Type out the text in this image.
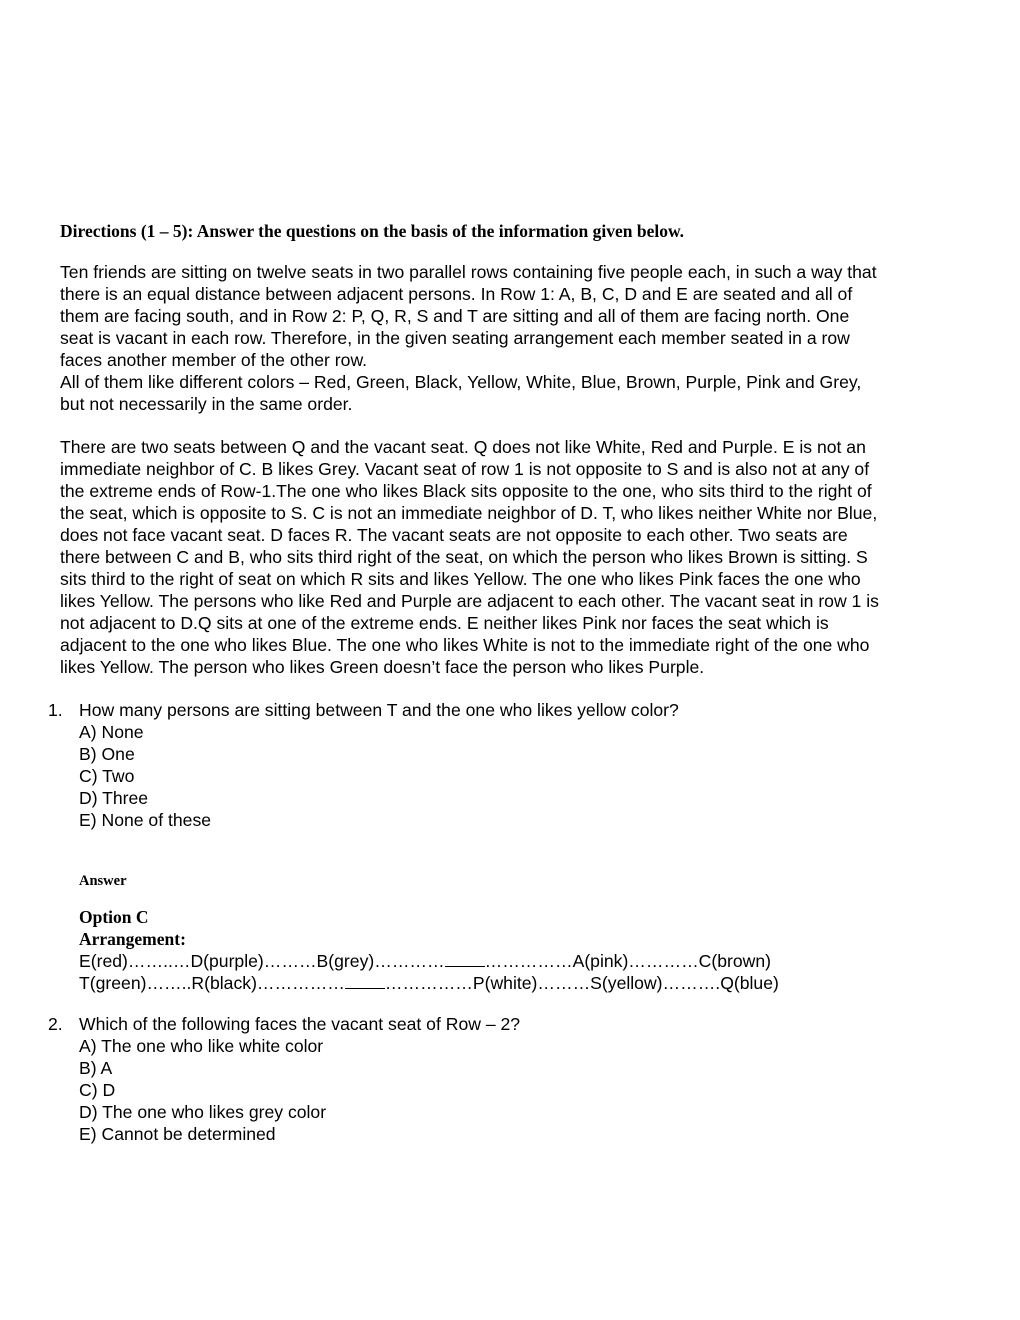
Directions (1 – 5): Answer the questions on the basis of the information given below.
Ten friends are sitting on twelve seats in two parallel rows containing five people each, in such a way that
there is an equal distance between adjacent persons. In Row 1: A, B, C, D and E are seated and all of
them are facing south, and in Row 2: P, Q, R, S and T are sitting and all of them are facing north. One
seat is vacant in each row. Therefore, in the given seating arrangement each member seated in a row
faces another member of the other row.
All of them like different colors – Red, Green, Black, Yellow, White, Blue, Brown, Purple, Pink and Grey,
but not necessarily in the same order.
There are two seats between Q and the vacant seat. Q does not like White, Red and Purple. E is not an
immediate neighbor of C. B likes Grey. Vacant seat of row 1 is not opposite to S and is also not at any of
the extreme ends of Row-1.The one who likes Black sits opposite to the one, who sits third to the right of
the seat, which is opposite to S. C is not an immediate neighbor of D. T, who likes neither White nor Blue,
does not face vacant seat. D faces R. The vacant seats are not opposite to each other. Two seats are
there between C and B, who sits third right of the seat, on which the person who likes Brown is sitting. S
sits third to the right of seat on which R sits and likes Yellow. The one who likes Pink faces the one who
likes Yellow. The persons who like Red and Purple are adjacent to each other. The vacant seat in row 1 is
not adjacent to D.Q sits at one of the extreme ends. E neither likes Pink nor faces the seat which is
adjacent to the one who likes Blue. The one who likes White is not to the immediate right of the one who
likes Yellow. The person who likes Green doesn’t face the person who likes Purple.
1. How many persons are sitting between T and the one who likes yellow color?
A) None
B) One
C) Two
D) Three
E) None of these
Answer
Option C
Arrangement:
E(red)……..…D(purple)………B(grey)………… ……………A(pink)…………C(brown)
T(green)……..R(black)…………… ……………P(white)………S(yellow)……….Q(blue)
2. Which of the following faces the vacant seat of Row – 2?
A) The one who like white color
B) A
C) D
D) The one who likes grey color
E) Cannot be determined
